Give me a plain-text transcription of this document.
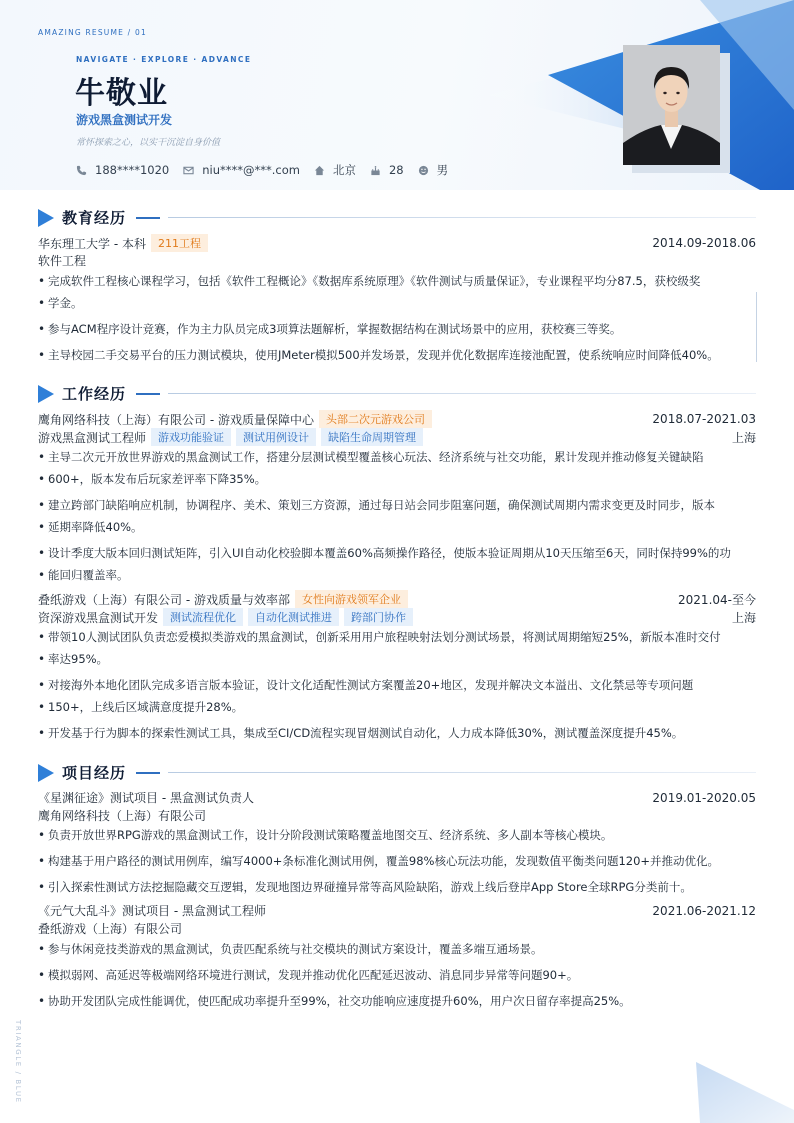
AMAZING RESUME / 01
NAVIGATE · EXPLORE · ADVANCE
牛敬业
游戏黑盒测试开发
常怀探索之心，以实干沉淀自身价值
188****1020	niu****@***.com	北京	28	男
教育经历
华东理工大学 - 本科	211工程	2014.09-2018.06
软件工程
• 完成软件工程核心课程学习，包括《软件工程概论》《数据库系统原理》《软件测试与质量保证》，专业课程平均分87.5，获校级奖
• 学金。
• 参与ACM程序设计竞赛，作为主力队员完成3项算法题解析，掌握数据结构在测试场景中的应用，获校赛三等奖。
• 主导校园二手交易平台的压力测试模块，使用JMeter模拟500并发场景，发现并优化数据库连接池配置，使系统响应时间降低40%。
工作经历
鹰角网络科技（上海）有限公司 - 游戏质量保障中心	头部二次元游戏公司	2018.07-2021.03
游戏黑盒测试工程师	游戏功能验证	测试用例设计	缺陷生命周期管理	上海
• 主导二次元开放世界游戏的黑盒测试工作，搭建分层测试模型覆盖核心玩法、经济系统与社交功能，累计发现并推动修复关键缺陷
• 600+，版本发布后玩家差评率下降35%。
• 建立跨部门缺陷响应机制，协调程序、美术、策划三方资源，通过每日站会同步阻塞问题，确保测试周期内需求变更及时同步，版本
• 延期率降低40%。
• 设计季度大版本回归测试矩阵，引入UI自动化校验脚本覆盖60%高频操作路径，使版本验证周期从10天压缩至6天，同时保持99%的功
• 能回归覆盖率。
叠纸游戏（上海）有限公司 - 游戏质量与效率部	女性向游戏领军企业	2021.04-至今
资深游戏黑盒测试开发	测试流程优化	自动化测试推进	跨部门协作	上海
• 带领10人测试团队负责恋爱模拟类游戏的黑盒测试，创新采用用户旅程映射法划分测试场景，将测试周期缩短25%，新版本准时交付
• 率达95%。
• 对接海外本地化团队完成多语言版本验证，设计文化适配性测试方案覆盖20+地区，发现并解决文本溢出、文化禁忌等专项问题
• 150+，上线后区域满意度提升28%。
• 开发基于行为脚本的探索性测试工具，集成至CI/CD流程实现冒烟测试自动化，人力成本降低30%，测试覆盖深度提升45%。
项目经历
《星渊征途》测试项目 - 黑盒测试负责人	2019.01-2020.05
鹰角网络科技（上海）有限公司
• 负责开放世界RPG游戏的黑盒测试工作，设计分阶段测试策略覆盖地图交互、经济系统、多人副本等核心模块。
• 构建基于用户路径的测试用例库，编写4000+条标准化测试用例，覆盖98%核心玩法功能，发现数值平衡类问题120+并推动优化。
• 引入探索性测试方法挖掘隐藏交互逻辑，发现地图边界碰撞异常等高风险缺陷，游戏上线后登岸App Store全球RPG分类前十。
《元气大乱斗》测试项目 - 黑盒测试工程师	2021.06-2021.12
叠纸游戏（上海）有限公司
• 参与休闲竞技类游戏的黑盒测试，负责匹配系统与社交模块的测试方案设计，覆盖多端互通场景。
• 模拟弱网、高延迟等极端网络环境进行测试，发现并推动优化匹配延迟波动、消息同步异常等问题90+。
• 协助开发团队完成性能调优，使匹配成功率提升至99%，社交功能响应速度提升60%，用户次日留存率提高25%。
TRIANGLE / BLUE
